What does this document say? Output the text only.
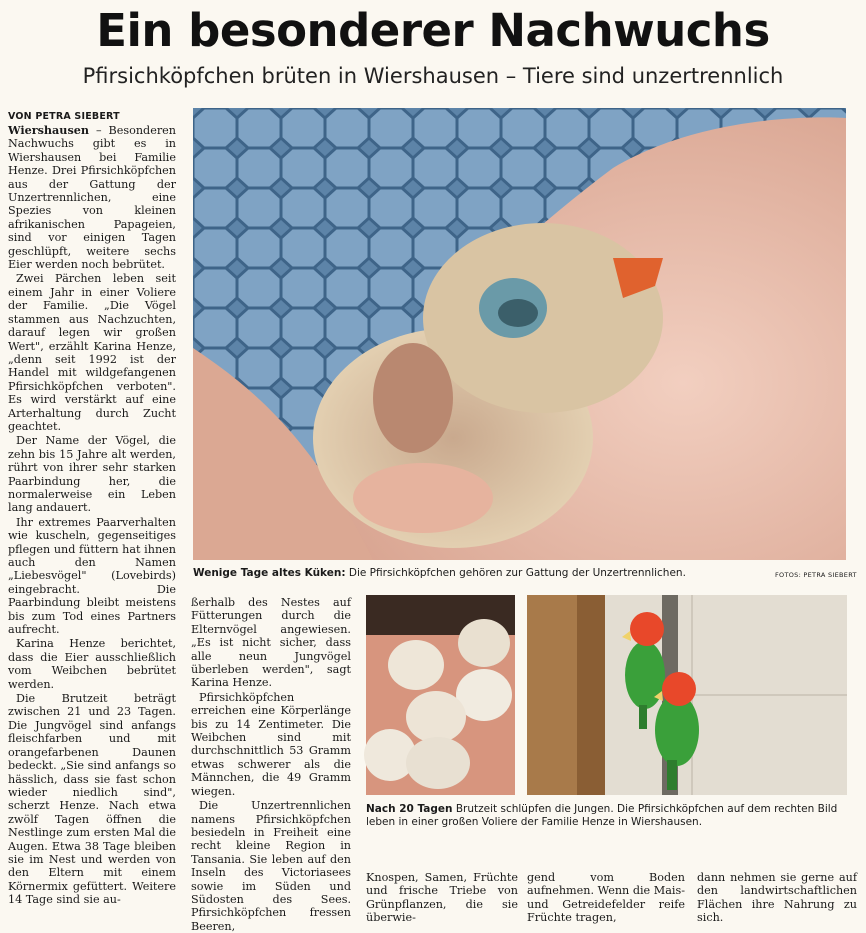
Ein besonderer Nachwuchs
Pfirsichköpfchen brüten in Wiershausen – Tiere sind unzertrennlich
VON PETRA SIEBERT

Wiershausen – Besonderen Nachwuchs gibt es in Wiershausen bei Familie Henze. Drei Pfirsichköpfchen aus der Gattung der Unzertrennlichen, eine Spezies von kleinen afrikanischen Papageien, sind vor einigen Tagen geschlüpft, weitere sechs Eier werden noch bebrütet.

Zwei Pärchen leben seit einem Jahr in einer Voliere der Familie. „Die Vögel stammen aus Nachzuchten, darauf legen wir großen Wert", erzählt Karina Henze, „denn seit 1992 ist der Handel mit wildgefangenen Pfirsichköpfchen verboten". Es wird verstärkt auf eine Arterhaltung durch Zucht geachtet.

Der Name der Vögel, die zehn bis 15 Jahre alt werden, rührt von ihrer sehr starken Paarbindung her, die normalerweise ein Leben lang andauert.

Ihr extremes Paarverhalten wie kuscheln, gegenseitiges pflegen und füttern hat ihnen auch den Namen „Liebesvögel" (Lovebirds) eingebracht. Die Paarbindung bleibt meistens bis zum Tod eines Partners aufrecht.

Karina Henze berichtet, dass die Eier ausschließlich vom Weibchen bebrütet werden.

Die Brutzeit beträgt zwischen 21 und 23 Tagen. Die Jungvögel sind anfangs fleischfarben und mit orangefarbenen Daunen bedeckt. „Sie sind anfangs so hässlich, dass sie fast schon wieder niedlich sind", scherzt Henze. Nach etwa zwölf Tagen öffnen die Nestlinge zum ersten Mal die Augen. Etwa 38 Tage bleiben sie im Nest und werden von den Eltern mit einem Körnermix gefüttert. Weitere 14 Tage sind sie au-

Wenige Tage altes Küken: Die Pfirsichköpfchen gehören zur Gattung der Unzertrennlichen.	FOTOS: PETRA SIEBERT

ßerhalb des Nestes auf Fütterungen durch die Elternvögel angewiesen. „Es ist nicht sicher, dass alle neun Jungvögel überleben werden", sagt Karina Henze.

Pfirsichköpfchen erreichen eine Körperlänge bis zu 14 Zentimeter. Die Weibchen sind mit durchschnittlich 53 Gramm etwas schwerer als die Männchen, die 49 Gramm wiegen.

Die Unzertrennlichen namens Pfirsichköpfchen besiedeln in Freiheit eine recht kleine Region in Tansania. Sie leben auf den Inseln des Victoriasees sowie im Süden und Südosten des Sees. Pfirsichköpfchen fressen Beeren,

Nach 20 Tagen Brutzeit schlüpfen die Jungen. Die Pfirsichköpfchen auf dem rechten Bild leben in einer großen Voliere der Familie Henze in Wiershausen.

Knospen, Samen, Früchte und frische Triebe von Grünpflanzen, die sie überwie-

gend vom Boden aufnehmen. Wenn die Mais- und Getreidefelder reife Früchte tragen,

dann nehmen sie gerne auf den landwirtschaftlichen Flächen ihre Nahrung zu sich.
